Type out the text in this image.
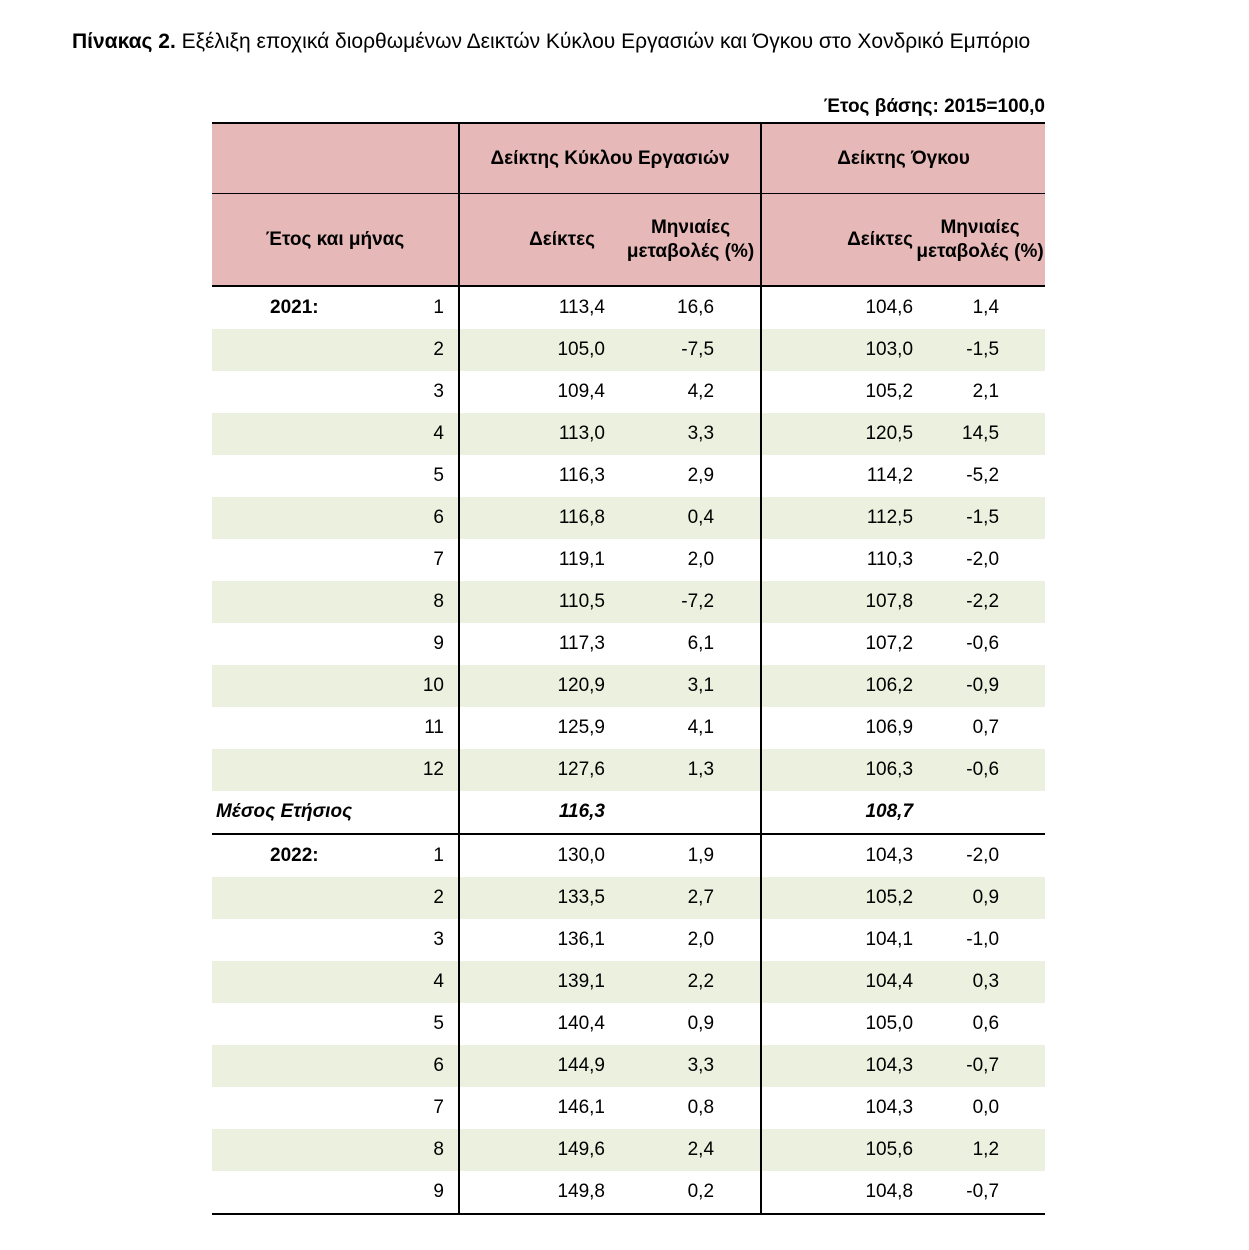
Πίνακας 2. Εξέλιξη εποχικά διορθωμένων Δεικτών Κύκλου Εργασιών και Όγκου στο Χονδρικό Εμπόριο
Έτος βάσης: 2015=100,0
		Δείκτης Κύκλου Εργασιών		Δείκτης Όγκου	
Έτος και μήνας		Δείκτες	Μηνιαίες μεταβολές (%)	Δείκτες	Μηνιαίες μεταβολές (%)
2021:	1	113,4	16,6	104,6	1,4
	2	105,0	-7,5	103,0	-1,5
	3	109,4	4,2	105,2	2,1
	4	113,0	3,3	120,5	14,5
	5	116,3	2,9	114,2	-5,2
	6	116,8	0,4	112,5	-1,5
	7	119,1	2,0	110,3	-2,0
	8	110,5	-7,2	107,8	-2,2
	9	117,3	6,1	107,2	-0,6
	10	120,9	3,1	106,2	-0,9
	11	125,9	4,1	106,9	0,7
	12	127,6	1,3	106,3	-0,6
Μέσος Ετήσιος		116,3		108,7	
2022:	1	130,0	1,9	104,3	-2,0
	2	133,5	2,7	105,2	0,9
	3	136,1	2,0	104,1	-1,0
	4	139,1	2,2	104,4	0,3
	5	140,4	0,9	105,0	0,6
	6	144,9	3,3	104,3	-0,7
	7	146,1	0,8	104,3	0,0
	8	149,6	2,4	105,6	1,2
	9	149,8	0,2	104,8	-0,7
